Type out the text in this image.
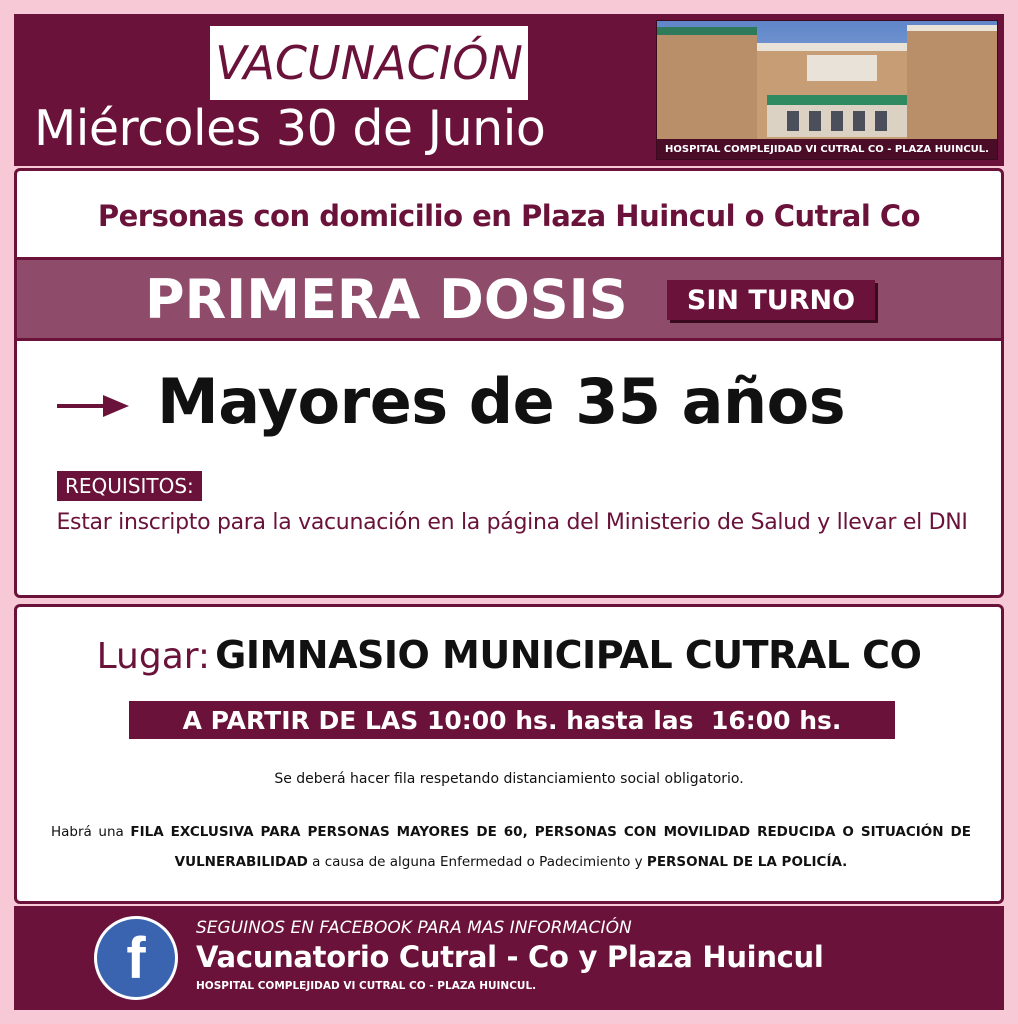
VACUNACIÓN
Miércoles 30 de Junio	HOSPITAL COMPLEJIDAD VI CUTRAL CO - PLAZA HUINCUL.
Personas con domicilio en Plaza Huincul o Cutral Co
PRIMERA DOSIS	SIN TURNO
Mayores de 35 años
REQUISITOS:
Estar inscripto para la vacunación en la página del Ministerio de Salud y llevar el DNI
Lugar: GIMNASIO MUNICIPAL CUTRAL CO
A PARTIR DE LAS 10:00 hs. hasta las  16:00 hs.
Se deberá hacer fila respetando distanciamiento social obligatorio.
Habrá una FILA EXCLUSIVA PARA PERSONAS MAYORES DE 60, PERSONAS CON MOVILIDAD REDUCIDA O SITUACIÓN DE VULNERABILIDAD a causa de alguna Enfermedad o Padecimiento y PERSONAL DE LA POLICÍA.
f	SEGUINOS EN FACEBOOK PARA MAS INFORMACIÓN
Vacunatorio Cutral - Co y Plaza Huincul
HOSPITAL COMPLEJIDAD VI CUTRAL CO - PLAZA HUINCUL.
